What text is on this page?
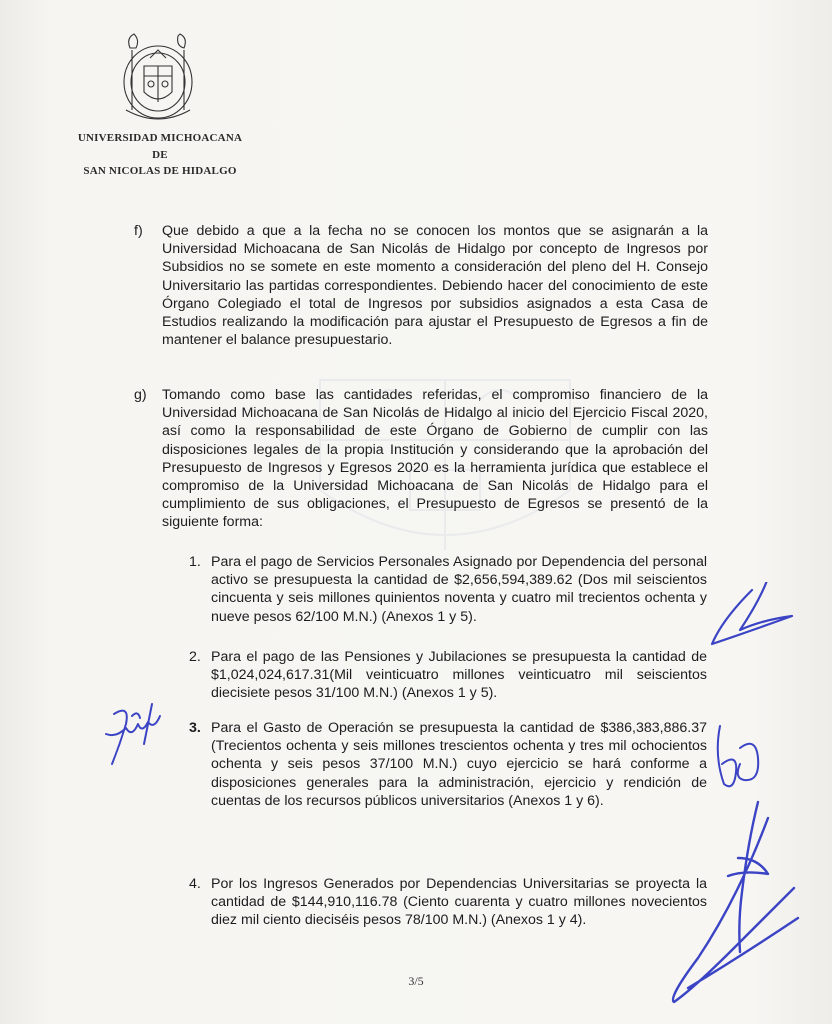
UNIVERSIDAD MICHOACANA
DE
SAN NICOLAS DE HIDALGO
f) Que debido a que a la fecha no se conocen los montos que se asignarán a la Universidad Michoacana de San Nicolás de Hidalgo por concepto de Ingresos por Subsidios no se somete en este momento a consideración del pleno del H. Consejo Universitario las partidas correspondientes. Debiendo hacer del conocimiento de este Órgano Colegiado el total de Ingresos por subsidios asignados a esta Casa de Estudios realizando la modificación para ajustar el Presupuesto de Egresos a fin de mantener el balance presupuestario.
g) Tomando como base las cantidades referidas, el compromiso financiero de la Universidad Michoacana de San Nicolás de Hidalgo al inicio del Ejercicio Fiscal 2020, así como la responsabilidad de este Órgano de Gobierno de cumplir con las disposiciones legales de la propia Institución y considerando que la aprobación del Presupuesto de Ingresos y Egresos 2020 es la herramienta jurídica que establece el compromiso de la Universidad Michoacana de San Nicolás de Hidalgo para el cumplimiento de sus obligaciones, el Presupuesto de Egresos se presentó de la siguiente forma:
1. Para el pago de Servicios Personales Asignado por Dependencia del personal activo se presupuesta la cantidad de $2,656,594,389.62 (Dos mil seiscientos cincuenta y seis millones quinientos noventa y cuatro mil trecientos ochenta y nueve pesos 62/100 M.N.) (Anexos 1 y 5).
2. Para el pago de las Pensiones y Jubilaciones se presupuesta la cantidad de $1,024,024,617.31(Mil veinticuatro millones veinticuatro mil seiscientos diecisiete pesos 31/100 M.N.) (Anexos 1 y 5).
3. Para el Gasto de Operación se presupuesta la cantidad de $386,383,886.37 (Trecientos ochenta y seis millones trescientos ochenta y tres mil ochocientos ochenta y seis pesos 37/100 M.N.) cuyo ejercicio se hará conforme a disposiciones generales para la administración, ejercicio y rendición de cuentas de los recursos públicos universitarios (Anexos 1 y 6).
4. Por los Ingresos Generados por Dependencias Universitarias se proyecta la cantidad de $144,910,116.78 (Ciento cuarenta y cuatro millones novecientos diez mil ciento dieciséis pesos 78/100 M.N.) (Anexos 1 y 4).
3/5
